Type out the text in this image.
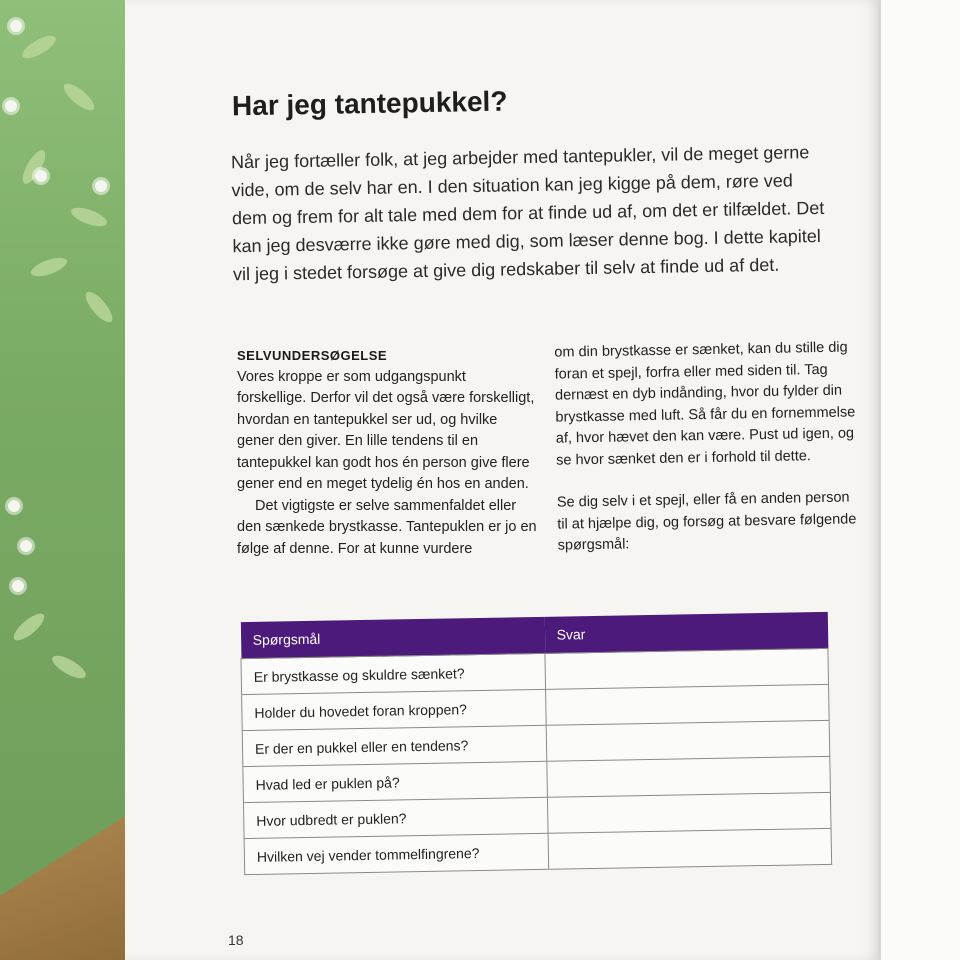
Har jeg tantepukkel?

Når jeg fortæller folk, at jeg arbejder med tantepukler, vil de meget gerne vide, om de selv har en. I den situation kan jeg kigge på dem, røre ved dem og frem for alt tale med dem for at finde ud af, om det er tilfældet. Det kan jeg desværre ikke gøre med dig, som læser denne bog. I dette kapitel vil jeg i stedet forsøge at give dig redskaber til selv at finde ud af det.

SELVUNDERSØGELSE

Vores kroppe er som udgangspunkt forskellige. Derfor vil det også være forskelligt, hvordan en tantepukkel ser ud, og hvilke gener den giver. En lille tendens til en tantepukkel kan godt hos én person give flere gener end en meget tydelig én hos en anden.

Det vigtigste er selve sammenfaldet eller den sænkede brystkasse. Tantepuklen er jo en følge af denne. For at kunne vurdere

om din brystkasse er sænket, kan du stille dig foran et spejl, forfra eller med siden til. Tag dernæst en dyb indånding, hvor du fylder din brystkasse med luft. Så får du en fornemmelse af, hvor hævet den kan være. Pust ud igen, og se hvor sænket den er i forhold til dette.

Se dig selv i et spejl, eller få en anden person til at hjælpe dig, og forsøg at besvare følgende spørgsmål:

Spørgsmål	Svar
Er brystkasse og skuldre sænket?	
Holder du hovedet foran kroppen?	
Er der en pukkel eller en tendens?	
Hvad led er puklen på?	
Hvor udbredt er puklen?	
Hvilken vej vender tommelfingrene?	
18
